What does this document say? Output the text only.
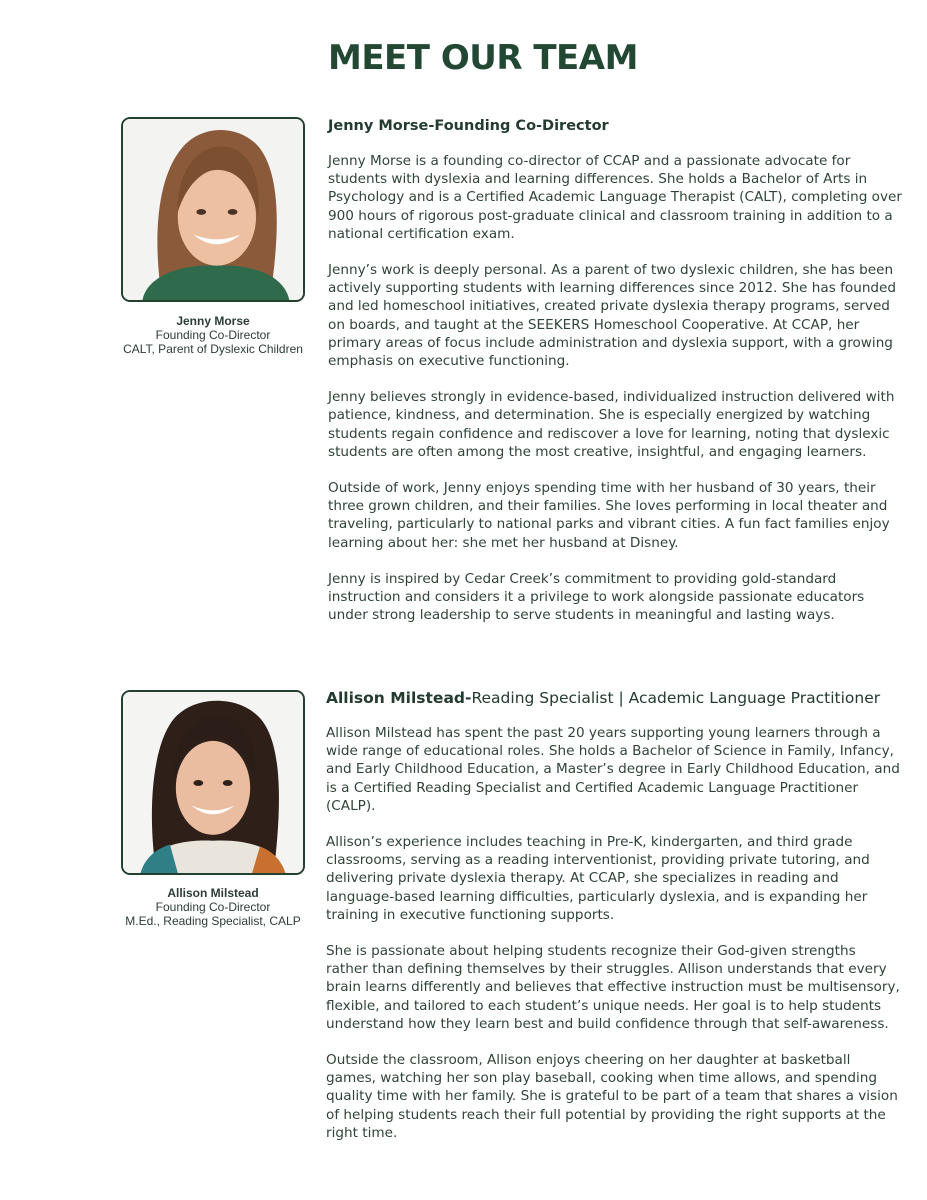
MEET OUR TEAM
Jenny Morse
Founding Co-Director
CALT, Parent of Dyslexic Children
Jenny Morse-Founding Co-Director

Jenny Morse is a founding co-director of CCAP and a passionate advocate for students with dyslexia and learning differences. She holds a Bachelor of Arts in Psychology and is a Certified Academic Language Therapist (CALT), completing over 900 hours of rigorous post-graduate clinical and classroom training in addition to a national certification exam.

Jenny’s work is deeply personal. As a parent of two dyslexic children, she has been actively supporting students with learning differences since 2012. She has founded and led homeschool initiatives, created private dyslexia therapy programs, served on boards, and taught at the SEEKERS Homeschool Cooperative. At CCAP, her primary areas of focus include administration and dyslexia support, with a growing emphasis on executive functioning.

Jenny believes strongly in evidence-based, individualized instruction delivered with patience, kindness, and determination. She is especially energized by watching students regain confidence and rediscover a love for learning, noting that dyslexic students are often among the most creative, insightful, and engaging learners.

Outside of work, Jenny enjoys spending time with her husband of 30 years, their three grown children, and their families. She loves performing in local theater and traveling, particularly to national parks and vibrant cities. A fun fact families enjoy learning about her: she met her husband at Disney.

Jenny is inspired by Cedar Creek’s commitment to providing gold-standard instruction and considers it a privilege to work alongside passionate educators under strong leadership to serve students in meaningful and lasting ways.

Allison Milstead
Founding Co-Director
M.Ed., Reading Specialist, CALP
Allison Milstead-Reading Specialist | Academic Language Practitioner

Allison Milstead has spent the past 20 years supporting young learners through a wide range of educational roles. She holds a Bachelor of Science in Family, Infancy, and Early Childhood Education, a Master’s degree in Early Childhood Education, and is a Certified Reading Specialist and Certified Academic Language Practitioner (CALP).

Allison’s experience includes teaching in Pre-K, kindergarten, and third grade classrooms, serving as a reading interventionist, providing private tutoring, and delivering private dyslexia therapy. At CCAP, she specializes in reading and language-based learning difficulties, particularly dyslexia, and is expanding her training in executive functioning supports.

She is passionate about helping students recognize their God-given strengths rather than defining themselves by their struggles. Allison understands that every brain learns differently and believes that effective instruction must be multisensory, flexible, and tailored to each student’s unique needs. Her goal is to help students understand how they learn best and build confidence through that self-awareness.

Outside the classroom, Allison enjoys cheering on her daughter at basketball games, watching her son play baseball, cooking when time allows, and spending quality time with her family. She is grateful to be part of a team that shares a vision of helping students reach their full potential by providing the right supports at the right time.
